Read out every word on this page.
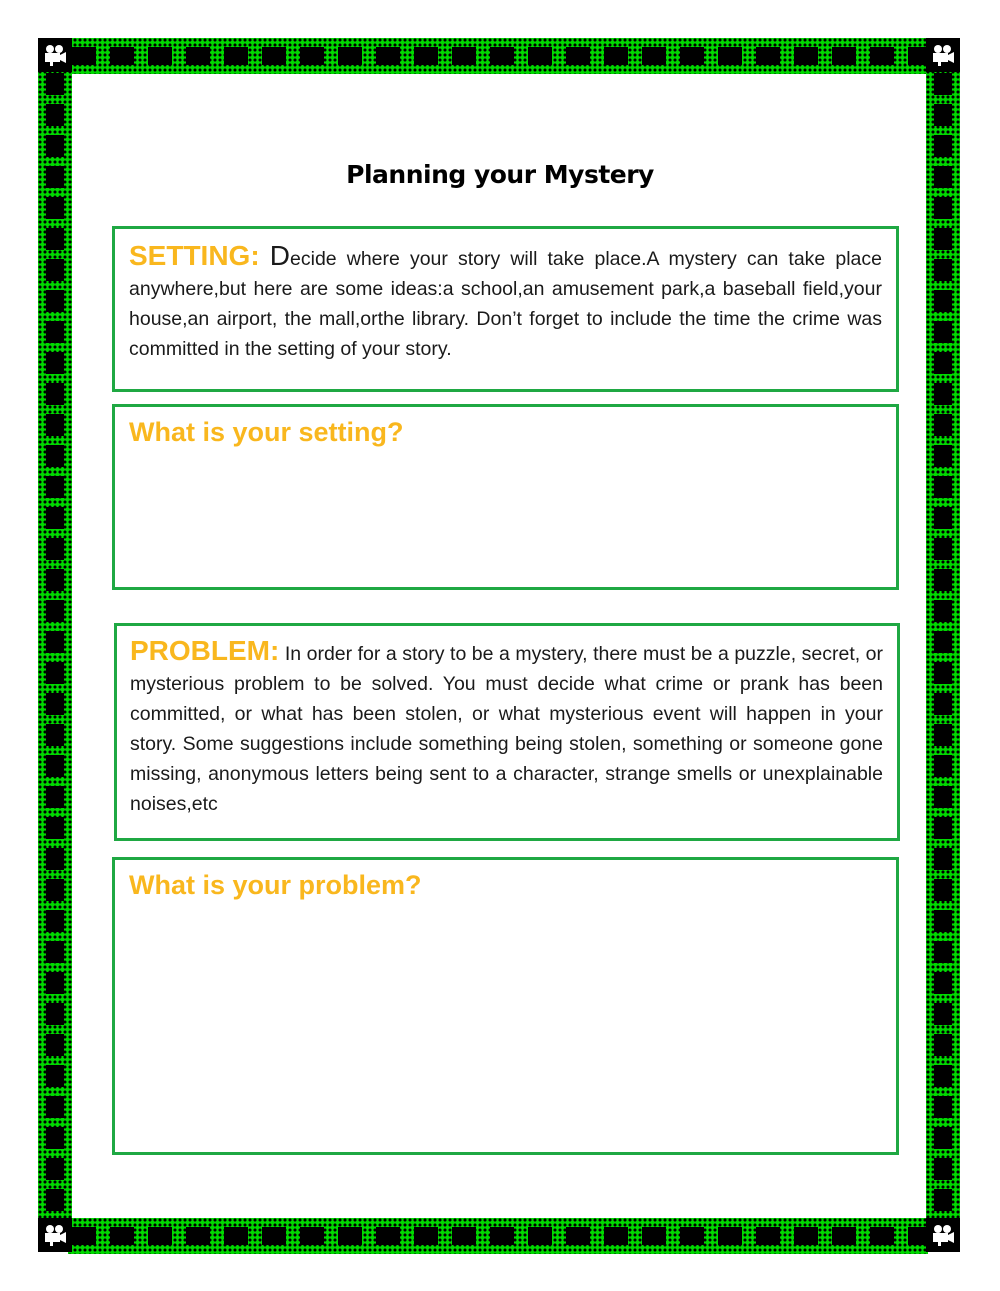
Planning your Mystery

SETTING: Decide where your story will take place.A mystery can take place anywhere,but here are some ideas:a school,an amusement park,a baseball field,your house,an airport, the mall,orthe library. Don’t forget to include the time the crime was committed in the setting of your story.

What is your setting?

PROBLEM: In order for a story to be a mystery, there must be a puzzle, secret, or mysterious problem to be solved. You must decide what crime or prank has been committed, or what has been stolen, or what mysterious event will happen in your story. Some suggestions include something being stolen, something or someone gone missing, anonymous letters being sent to a character, strange smells or unexplainable noises,etc

What is your problem?
